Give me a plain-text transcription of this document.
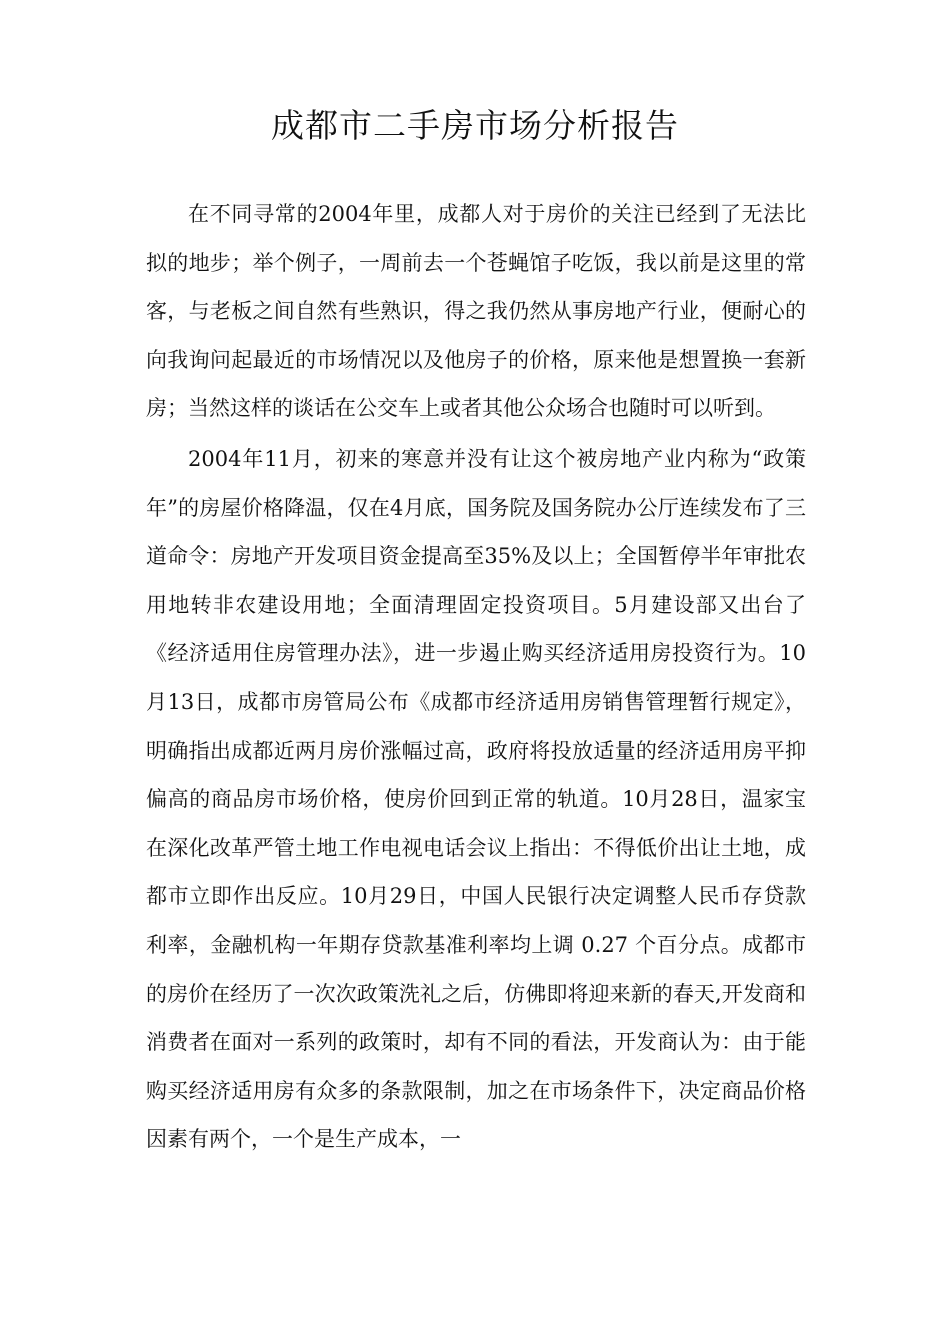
成都市二手房市场分析报告

在不同寻常的2004年里，成都人对于房价的关注已经到了无法比拟的地步；举个例子，一周前去一个苍蝇馆子吃饭，我以前是这里的常客，与老板之间自然有些熟识，得之我仍然从事房地产行业，便耐心的向我询问起最近的市场情况以及他房子的价格，原来他是想置换一套新房；当然这样的谈话在公交车上或者其他公众场合也随时可以听到。

2004年11月，初来的寒意并没有让这个被房地产业内称为“政策年”的房屋价格降温，仅在4月底，国务院及国务院办公厅连续发布了三道命令：房地产开发项目资金提高至35%及以上；全国暂停半年审批农用地转非农建设用地；全面清理固定投资项目。5月建设部又出台了《经济适用住房管理办法》，进一步遏止购买经济适用房投资行为。10月13日，成都市房管局公布《成都市经济适用房销售管理暂行规定》，明确指出成都近两月房价涨幅过高，政府将投放适量的经济适用房平抑偏高的商品房市场价格，使房价回到正常的轨道。10月28日，温家宝在深化改革严管土地工作电视电话会议上指出：不得低价出让土地，成都市立即作出反应。10月29日，中国人民银行决定调整人民币存贷款利率，金融机构一年期存贷款基准利率均上调 0.27 个百分点。成都市的房价在经历了一次次政策洗礼之后，仿佛即将迎来新的春天,开发商和消费者在面对一系列的政策时，却有不同的看法，开发商认为：由于能购买经济适用房有众多的条款限制，加之在市场条件下，决定商品价格因素有两个，一个是生产成本，一
